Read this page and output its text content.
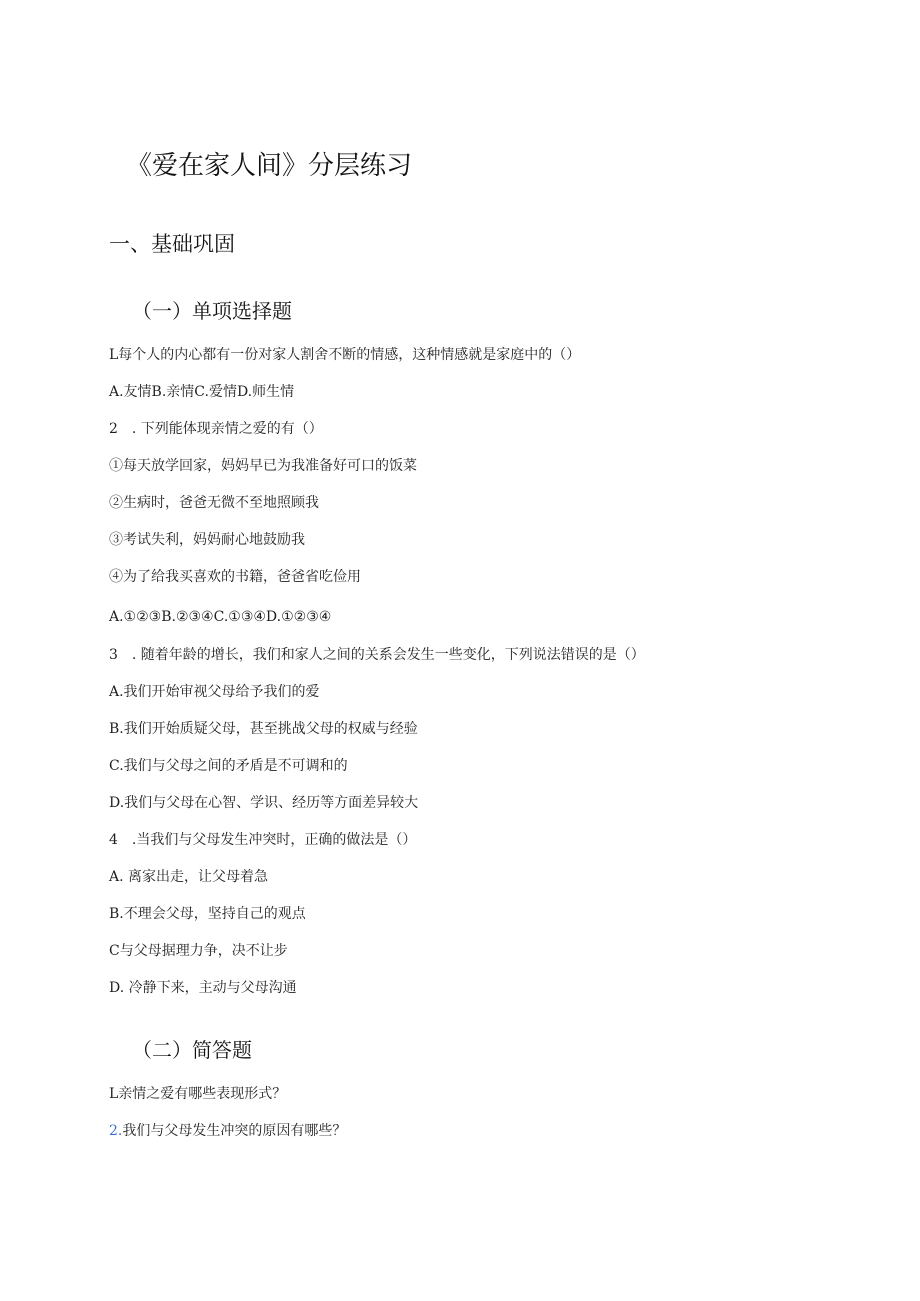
《爱在家人间》分层练习
一、基础巩固
（一）单项选择题
L每个人的内心都有一份对家人割舍不断的情感，这种情感就是家庭中的（）
A.友情B.亲情C.爱情D.师生情
2　. 下列能体现亲情之爱的有（）
①每天放学回家，妈妈早已为我准备好可口的饭菜
②生病时，爸爸无微不至地照顾我
③考试失利，妈妈耐心地鼓励我
④为了给我买喜欢的书籍，爸爸省吃俭用
A.①②③B.②③④C.①③④D.①②③④
3　. 随着年龄的增长，我们和家人之间的关系会发生一些变化，下列说法错误的是（）
A.我们开始审视父母给予我们的爱
B.我们开始质疑父母，甚至挑战父母的权威与经验
C.我们与父母之间的矛盾是不可调和的
D.我们与父母在心智、学识、经历等方面差异较大
4　.当我们与父母发生冲突时，正确的做法是（）
A. 离家出走，让父母着急
B.不理会父母，坚持自己的观点
C与父母据理力争，决不让步
D. 冷静下来，主动与父母沟通
（二）简答题
L亲情之爱有哪些表现形式？
2.我们与父母发生冲突的原因有哪些？
